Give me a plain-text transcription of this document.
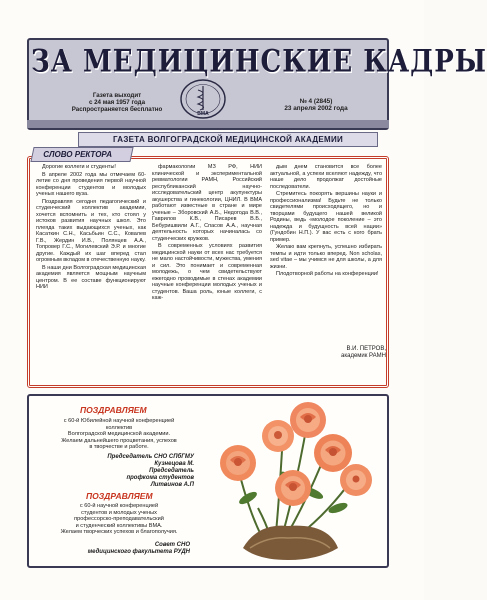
ЗА МЕДИЦИНСКИЕ КАДРЫ
Газета выходит
с 24 мая 1957 года
Распространяется бесплатно
ВМА
№ 4 (2845)
23 апреля 2002 года
ГАЗЕТА ВОЛГОГРАДСКОЙ МЕДИЦИНСКОЙ АКАДЕМИИ
СЛОВО РЕКТОРА

Дорогие коллеги и студенты!

В апреле 2002 года мы отмечаем 60-летие со дня проведения первой научной конференции студентов и молодых ученых нашего вуза.

Поздравляя сегодня педагогический и студенческий коллектив академии, хочется вспомнить и тех, кто стоял у истоков развития научных школ. Это плеяда таких выдающихся ученых, как Касаткин С.Н., Касьбьин С.С., Ковалев Г.В., Жердин И.В., Полянцев А.А., Топровер Г.С., Могилевский Э.Р. и многие другие. Каждый их шаг вперед стал огромным вкладом в отечественную науку.

В наши дни Волгоградская медицинская академия является мощным научным центром. В ее составе функционируют НИИ

фармакологии МЗ РФ, НИИ клинической и экспериментальной ревматологии РАМН, Российский республиканский научно-исследовательский центр акупунктуры акушерства и гинекологии, ЦНИЛ. В ВМА работают известные в стране и мире ученые – Зборовский А.Б., Недогода В.В., Гаврилов К.В., Писарев В.Б., Бебуришвили А.Г., Спасов А.А., научная деятельность которых начиналась со студенческих кружков.

В современных условиях развития медицинской науки от всех нас требуется не мало настойчивости, мужества, умения и сил. Это понимает и современная молодежь, о чем свидетельствуют ежегодно проводимые в стенах академии научные конференции молодых ученых и студентов. Ваша роль, юные коллеги, с каж-

дым днем становится все более актуальной, а успехи вселяют надежду, что наше дело продолжат достойные последователи.

Стремитесь покорять вершины науки и профессионализма! Будьте не только свидетелями происходящего, но и творцами будущего нашей великой Родины, ведь «молодое поколение – это надежда и будущность всей нации» (Гундобин Н.П.). У вас есть с кого брать пример.

Желаю вам крепнуть, успешно избирать темпы и идти только вперед. Non scholas, sed vitae – мы учимся не для школы, а для жизни.

Плодотворной работы на конференции!

В.И. ПЕТРОВ,
академик РАМН
ПОЗДРАВЛЯЕМ
с 60-й Юбилейной научной конференцией
коллектив
Волгоградской медицинской академии.
Желаем дальнейшего процветания, успехов
в творчестве и работе.
Председатель СНО СПбГМУ
Кузнецова М.
Председатель
профкома студентов
Литвинов А.П
ПОЗДРАВЛЯЕМ
с 60-й научной конференцией
студентов и молодых ученых
профессорско-преподавательский
и студенческий коллективы ВМА.
Желаем творческих успехов и благополучия.
Совет СНО
медицинского факультета РУДН
